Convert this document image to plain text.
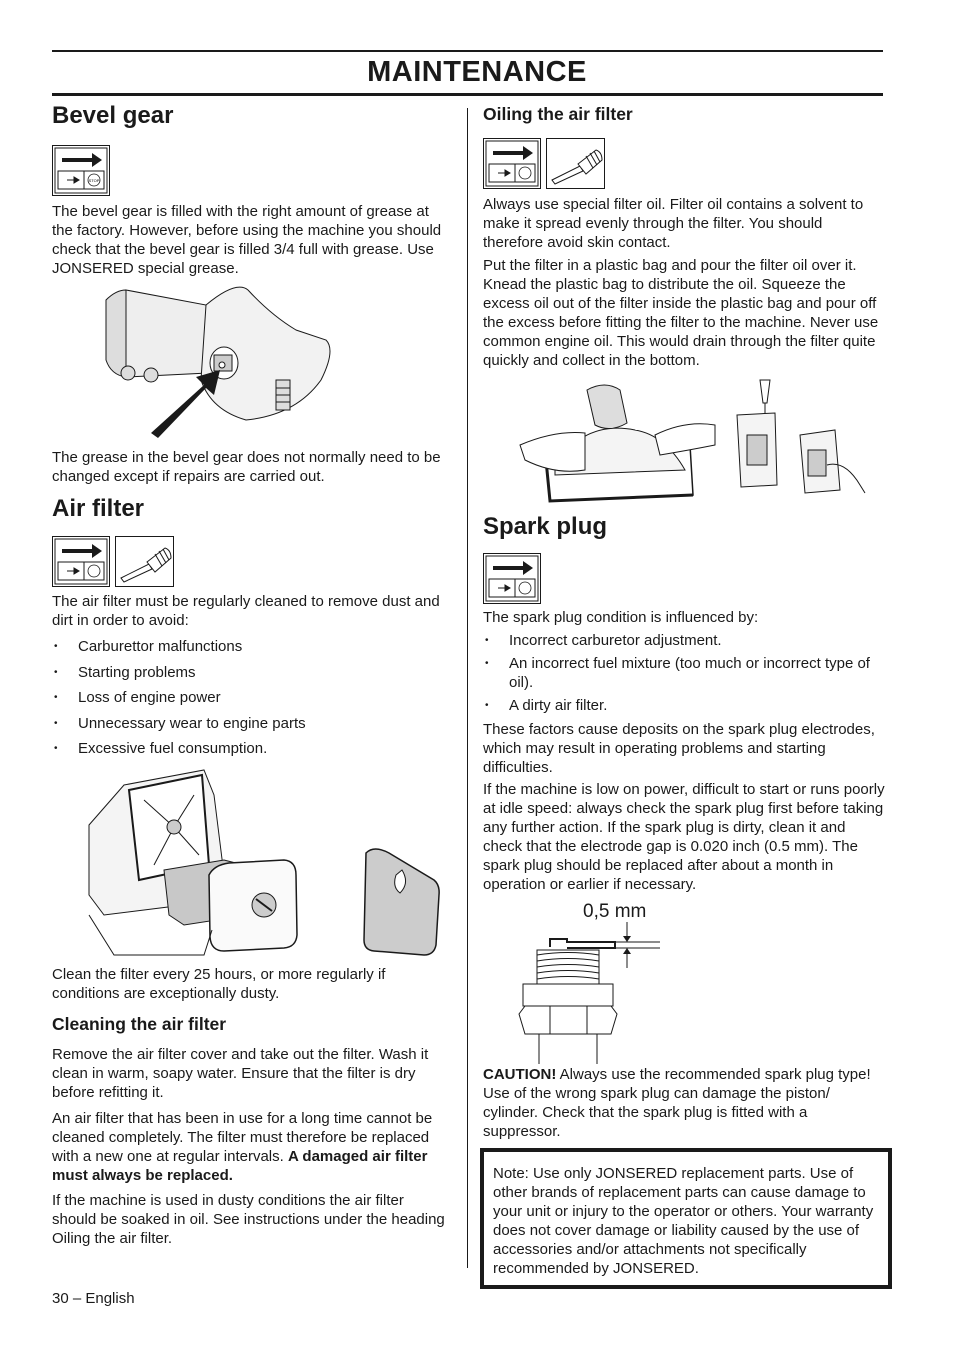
MAINTENANCE
Bevel gear
STOP

The bevel gear is filled with the right amount of grease at the factory. However, before using the machine you should check that the bevel gear is filled 3/4 full with grease. Use JONSERED special grease.

The grease in the bevel gear does not normally need to be changed except if repairs are carried out.

Air filter

The air filter must be regularly cleaned to remove dust and dirt in order to avoid:

• Carburettor malfunctions
• Starting problems
• Loss of engine power
• Unnecessary wear to engine parts
• Excessive fuel consumption.

Clean the filter every 25 hours, or more regularly if conditions are exceptionally dusty.

Cleaning the air filter

Remove the air filter cover and take out the filter. Wash it clean in warm, soapy water. Ensure that the filter is dry before refitting it.

An air filter that has been in use for a long time cannot be cleaned completely. The filter must therefore be replaced with a new one at regular intervals. A damaged air filter must always be replaced.

If the machine is used in dusty conditions the air filter should be soaked in oil. See instructions under the heading Oiling the air filter.

30 – English
Oiling the air filter

Always use special filter oil. Filter oil contains a solvent to make it spread evenly through the filter. You should therefore avoid skin contact.

Put the filter in a plastic bag and pour the filter oil over it. Knead the plastic bag to distribute the oil. Squeeze the excess oil out of the filter inside the plastic bag and pour off the excess before fitting the filter to the machine. Never use common engine oil. This would drain through the filter quite quickly and collect in the bottom.

Spark plug

The spark plug condition is influenced by:

• Incorrect carburetor adjustment.
• An incorrect fuel mixture (too much or incorrect type of oil).
• A dirty air filter.

These factors cause deposits on the spark plug electrodes, which may result in operating problems and starting difficulties.

If the machine is low on power, difficult to start or runs poorly at idle speed: always check the spark plug first before taking any further action. If the spark plug is dirty, clean it and check that the electrode gap is 0.020 inch (0.5 mm). The spark plug should be replaced after about a month in operation or earlier if necessary.

0,5 mm

CAUTION! Always use the recommended spark plug type! Use of the wrong spark plug can damage the piston/ cylinder. Check that the spark plug is fitted with a suppressor.

Note: Use only JONSERED replacement parts. Use of other brands of replacement parts can cause damage to your unit or injury to the operator or others. Your warranty does not cover damage or liability caused by the use of accessories and/or attachments not specifically recommended by JONSERED.
